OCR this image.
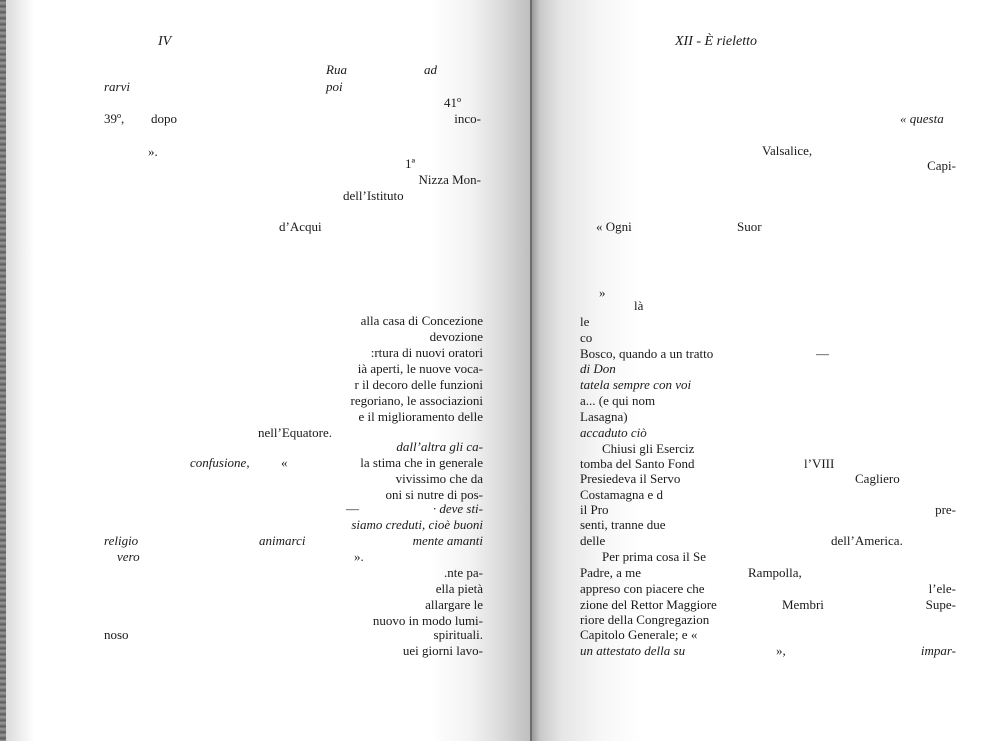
IV
Rua	ad
rarvi	poi
41º
39º, dopo	inco-
».
1ª
Nizza Mon-
dell’Istituto
d’Acqui
alla casa di Concezione
devozione
:rtura di nuovi oratori
ià aperti, le nuove voca-
r il decoro delle funzioni
regoriano, le associazioni
e il miglioramento delle
nell’Equatore.
dall’altra gli ca-
confusione, «	la stima che in generale
vivissimo che da
oni si nutre di pos-
—	· deve sti-
siamo creduti, cioè buoni
religio	animarci	mente amanti
vero	».
.nte pa-
ella pietà
allargare le
nuovo in modo lumi-
noso	spirituali.
uei giorni lavo-
XII - È rieletto
« questa
Valsalice,
Capi-
« Ogni	Suor
»
là
le
co
Bosco, quando a un tratto	—
di Don
tatela sempre con voi
a... (e qui nom
Lasagna)
accaduto ciò
Chiusi gli Eserciz
tomba del Santo Fond	l’VIII
Presiedeva il Servo	Cagliero
Costamagna e d
il Pro	pre-
senti, tranne due
delle	dell’America.
Per prima cosa il Se
Padre, a me	Rampolla,
appreso con piacere che	l’ele-
zione del Rettor Maggiore	Membri	Supe-
riore della Congregazion
Capitolo Generale; e «
un attestato della su	»,	impar-
